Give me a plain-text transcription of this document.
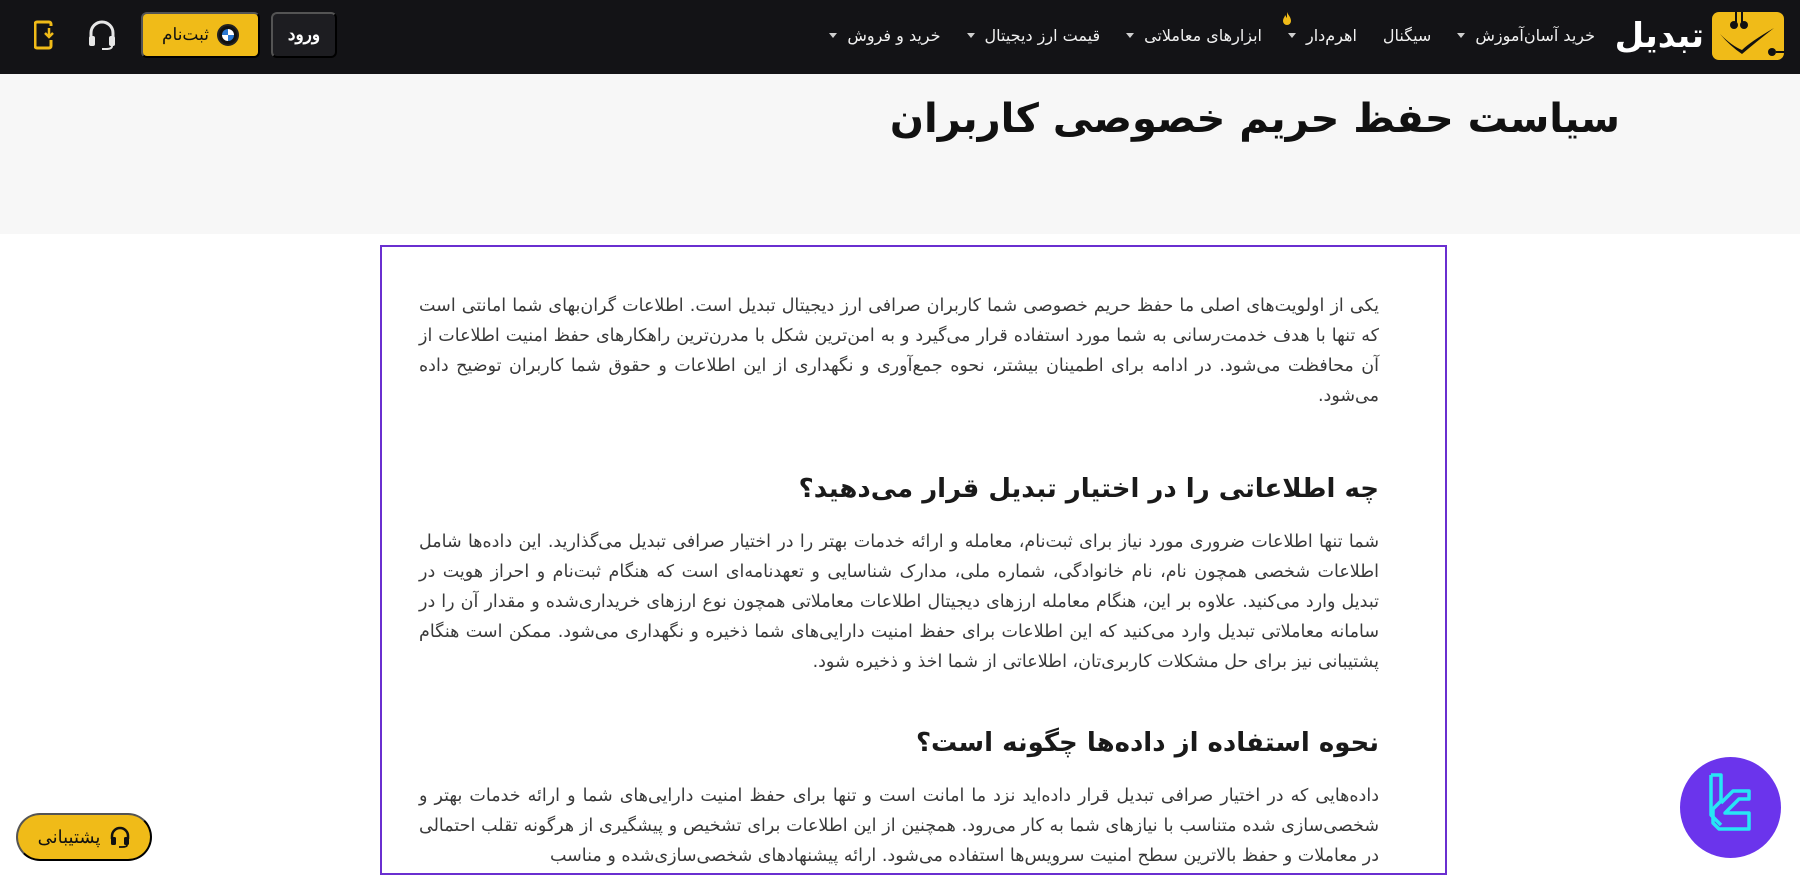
تبدیل
خرید و فروش	قیمت ارز دیجیتال	ابزارهای معاملاتی	اهرم‌دار سیگنال	آموزش خرید آسان
ورود
ثبت‌نام
سیاست حفظ حریم خصوصی کاربران

یکی از اولویت‌های اصلی ما حفظ حریم خصوصی شما کاربران صرافی ارز دیجیتال تبدیل است. اطلاعات گران‌بهای شما امانتی است که تنها با هدف خدمت‌رسانی به شما مورد استفاده قرار می‌گیرد و به امن‌ترین شکل با مدرن‌ترین راهکارهای حفظ امنیت اطلاعات از آن محافظت می‌شود. در ادامه برای اطمینان بیشتر، نحوه جمع‌آوری و نگهداری از این اطلاعات و حقوق شما کاربران توضیح داده می‌شود.

چه اطلاعاتی را در اختیار تبدیل قرار می‌دهید؟

شما تنها اطلاعات ضروری مورد نیاز برای ثبت‌نام، معامله و ارائه خدمات بهتر را در اختیار صرافی تبدیل می‌گذارید. این داده‌ها شامل اطلاعات شخصی همچون نام، نام خانوادگی، شماره ملی، مدارک شناسایی و تعهدنامه‌ای است که هنگام ثبت‌نام و احراز هویت در تبدیل وارد می‌کنید. علاوه بر این، هنگام معامله ارزهای دیجیتال اطلاعات معاملاتی همچون نوع ارزهای خریداری‌شده و مقدار آن را در سامانه معاملاتی تبدیل وارد می‌کنید که این اطلاعات برای حفظ امنیت دارایی‌های شما ذخیره و نگهداری می‌شود. ممکن است هنگام پشتیبانی نیز برای حل مشکلات کاربری‌تان، اطلاعاتی از شما اخذ و ذخیره شود.

نحوه استفاده از داده‌ها چگونه است؟

داده‌هایی که در اختیار صرافی تبدیل قرار داده‌اید نزد ما امانت است و تنها برای حفظ امنیت دارایی‌های شما و ارائه خدمات بهتر و شخصی‌سازی شده متناسب با نیازهای شما به کار می‌رود. همچنین از این اطلاعات برای تشخیص و پیشگیری از هرگونه تقلب احتمالی در معاملات و حفظ بالاترین سطح امنیت سرویس‌ها استفاده می‌شود. ارائه پیشنهادهای شخصی‌سازی‌شده و مناسب

پشتیبانی
